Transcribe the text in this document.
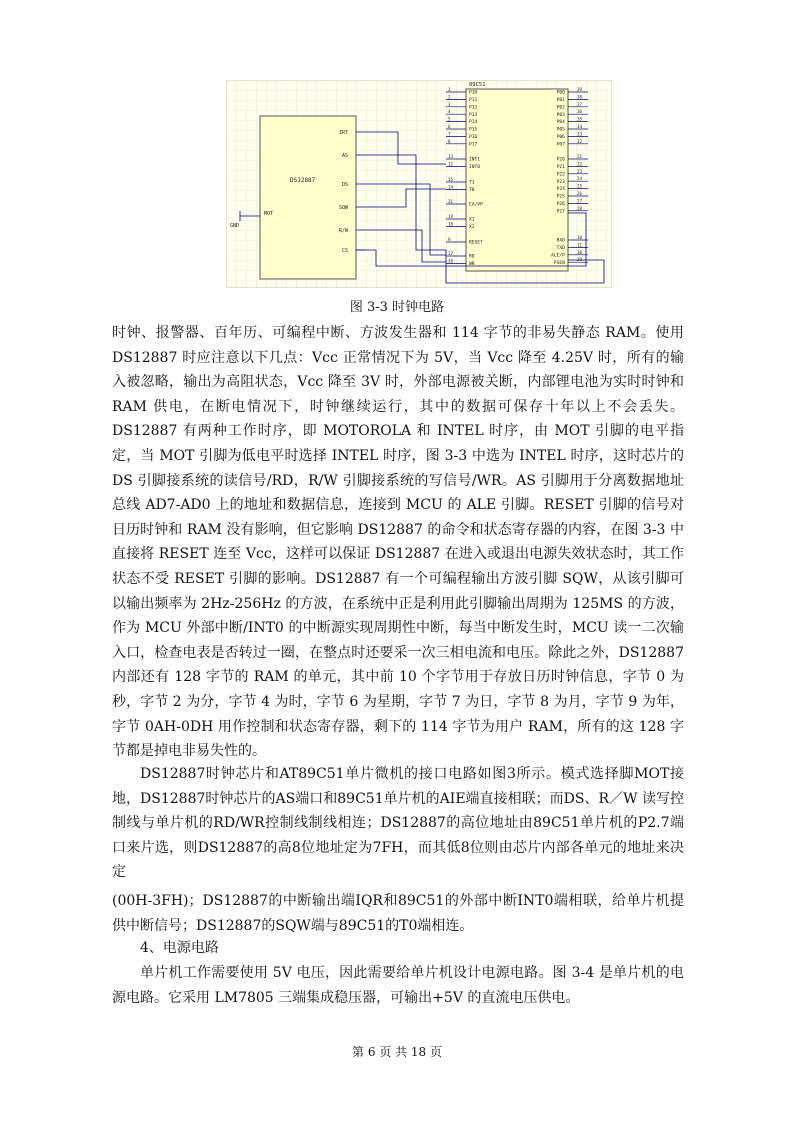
DS12887
MOT
IRT
AS
DS
SQW
R/W
CS
GND
89C51
1
P10
2
P11
3
P12
4
P13
5
P14
6
P15
7
P16
8
P17
13
INT1
12
INT0
15
T1
14
T0
31
EA/VP
19
X1
18
X2
9
RESET
17
RD
16
WR
39
P00
38
P01
37
P02
36
P03
35
P04
34
P05
33
P06
32
P07
21
P20
22
P21
23
P22
24
P23
25
P24
26
P25
27
P26
28
P27
10
RXD
11
TXD
30
ALE/P
29
PSEN
图 3-3 时钟电路

时钟、报警器、百年历、可编程中断、方波发生器和 114 字节的非易失静态 RAM。使用 DS12887 时应注意以下几点：Vcc 正常情况下为 5V，当 Vcc 降至 4.25V 时，所有的输入被忽略，输出为高阻状态，Vcc 降至 3V 时，外部电源被关断，内部锂电池为实时时钟和 RAM 供电，在断电情况下，时钟继续运行，其中的数据可保存十年以上不会丢失。DS12887 有两种工作时序，即 MOTOROLA 和 INTEL 时序，由 MOT 引脚的电平指定，当 MOT 引脚为低电平时选择 INTEL 时序，图 3-3 中选为 INTEL 时序，这时芯片的 DS 引脚接系统的读信号/RD，R/W 引脚接系统的写信号/WR。AS 引脚用于分离数据地址总线 AD7-AD0 上的地址和数据信息，连接到 MCU 的 ALE 引脚。RESET 引脚的信号对日历时钟和 RAM 没有影响，但它影响 DS12887 的命令和状态寄存器的内容，在图 3-3 中直接将 RESET 连至 Vcc，这样可以保证 DS12887 在进入或退出电源失效状态时，其工作状态不受 RESET 引脚的影响。DS12887 有一个可编程输出方波引脚 SQW，从该引脚可以输出频率为 2Hz-256Hz 的方波，在系统中正是利用此引脚输出周期为 125MS 的方波，作为 MCU 外部中断/INT0 的中断源实现周期性中断，每当中断发生时，MCU 读一二次输入口，检查电表是否转过一圈，在整点时还要采一次三相电流和电压。除此之外，DS12887 内部还有 128 字节的 RAM 的单元，其中前 10 个字节用于存放日历时钟信息，字节 0 为秒，字节 2 为分，字节 4 为时，字节 6 为星期，字节 7 为日，字节 8 为月，字节 9 为年，字节 0AH-0DH 用作控制和状态寄存器，剩下的 114 字节为用户 RAM，所有的这 128 字节都是掉电非易失性的。

DS12887时钟芯片和AT89C51单片微机的接口电路如图3所示。模式选择脚MOT接地，DS12887时钟芯片的AS端口和89C51单片机的AIE端直接相联；而DS、R／W 读写控制线与单片机的RD/WR控制线制线相连；DS12887的高位地址由89C51单片机的P2.7端口来片选，则DS12887的高8位地址定为7FH，而其低8位则由芯片内部各单元的地址来决定

(00H-3FH)；DS12887的中断输出端IQR和89C51的外部中断INT0端相联，给单片机提供中断信号；DS12887的SQW端与89C51的T0端相连。

4、电源电路

单片机工作需要使用 5V 电压，因此需要给单片机设计电源电路。图 3-4 是单片机的电源电路。它采用 LM7805 三端集成稳压器，可输出+5V 的直流电压供电。

第 6 页 共 18 页
